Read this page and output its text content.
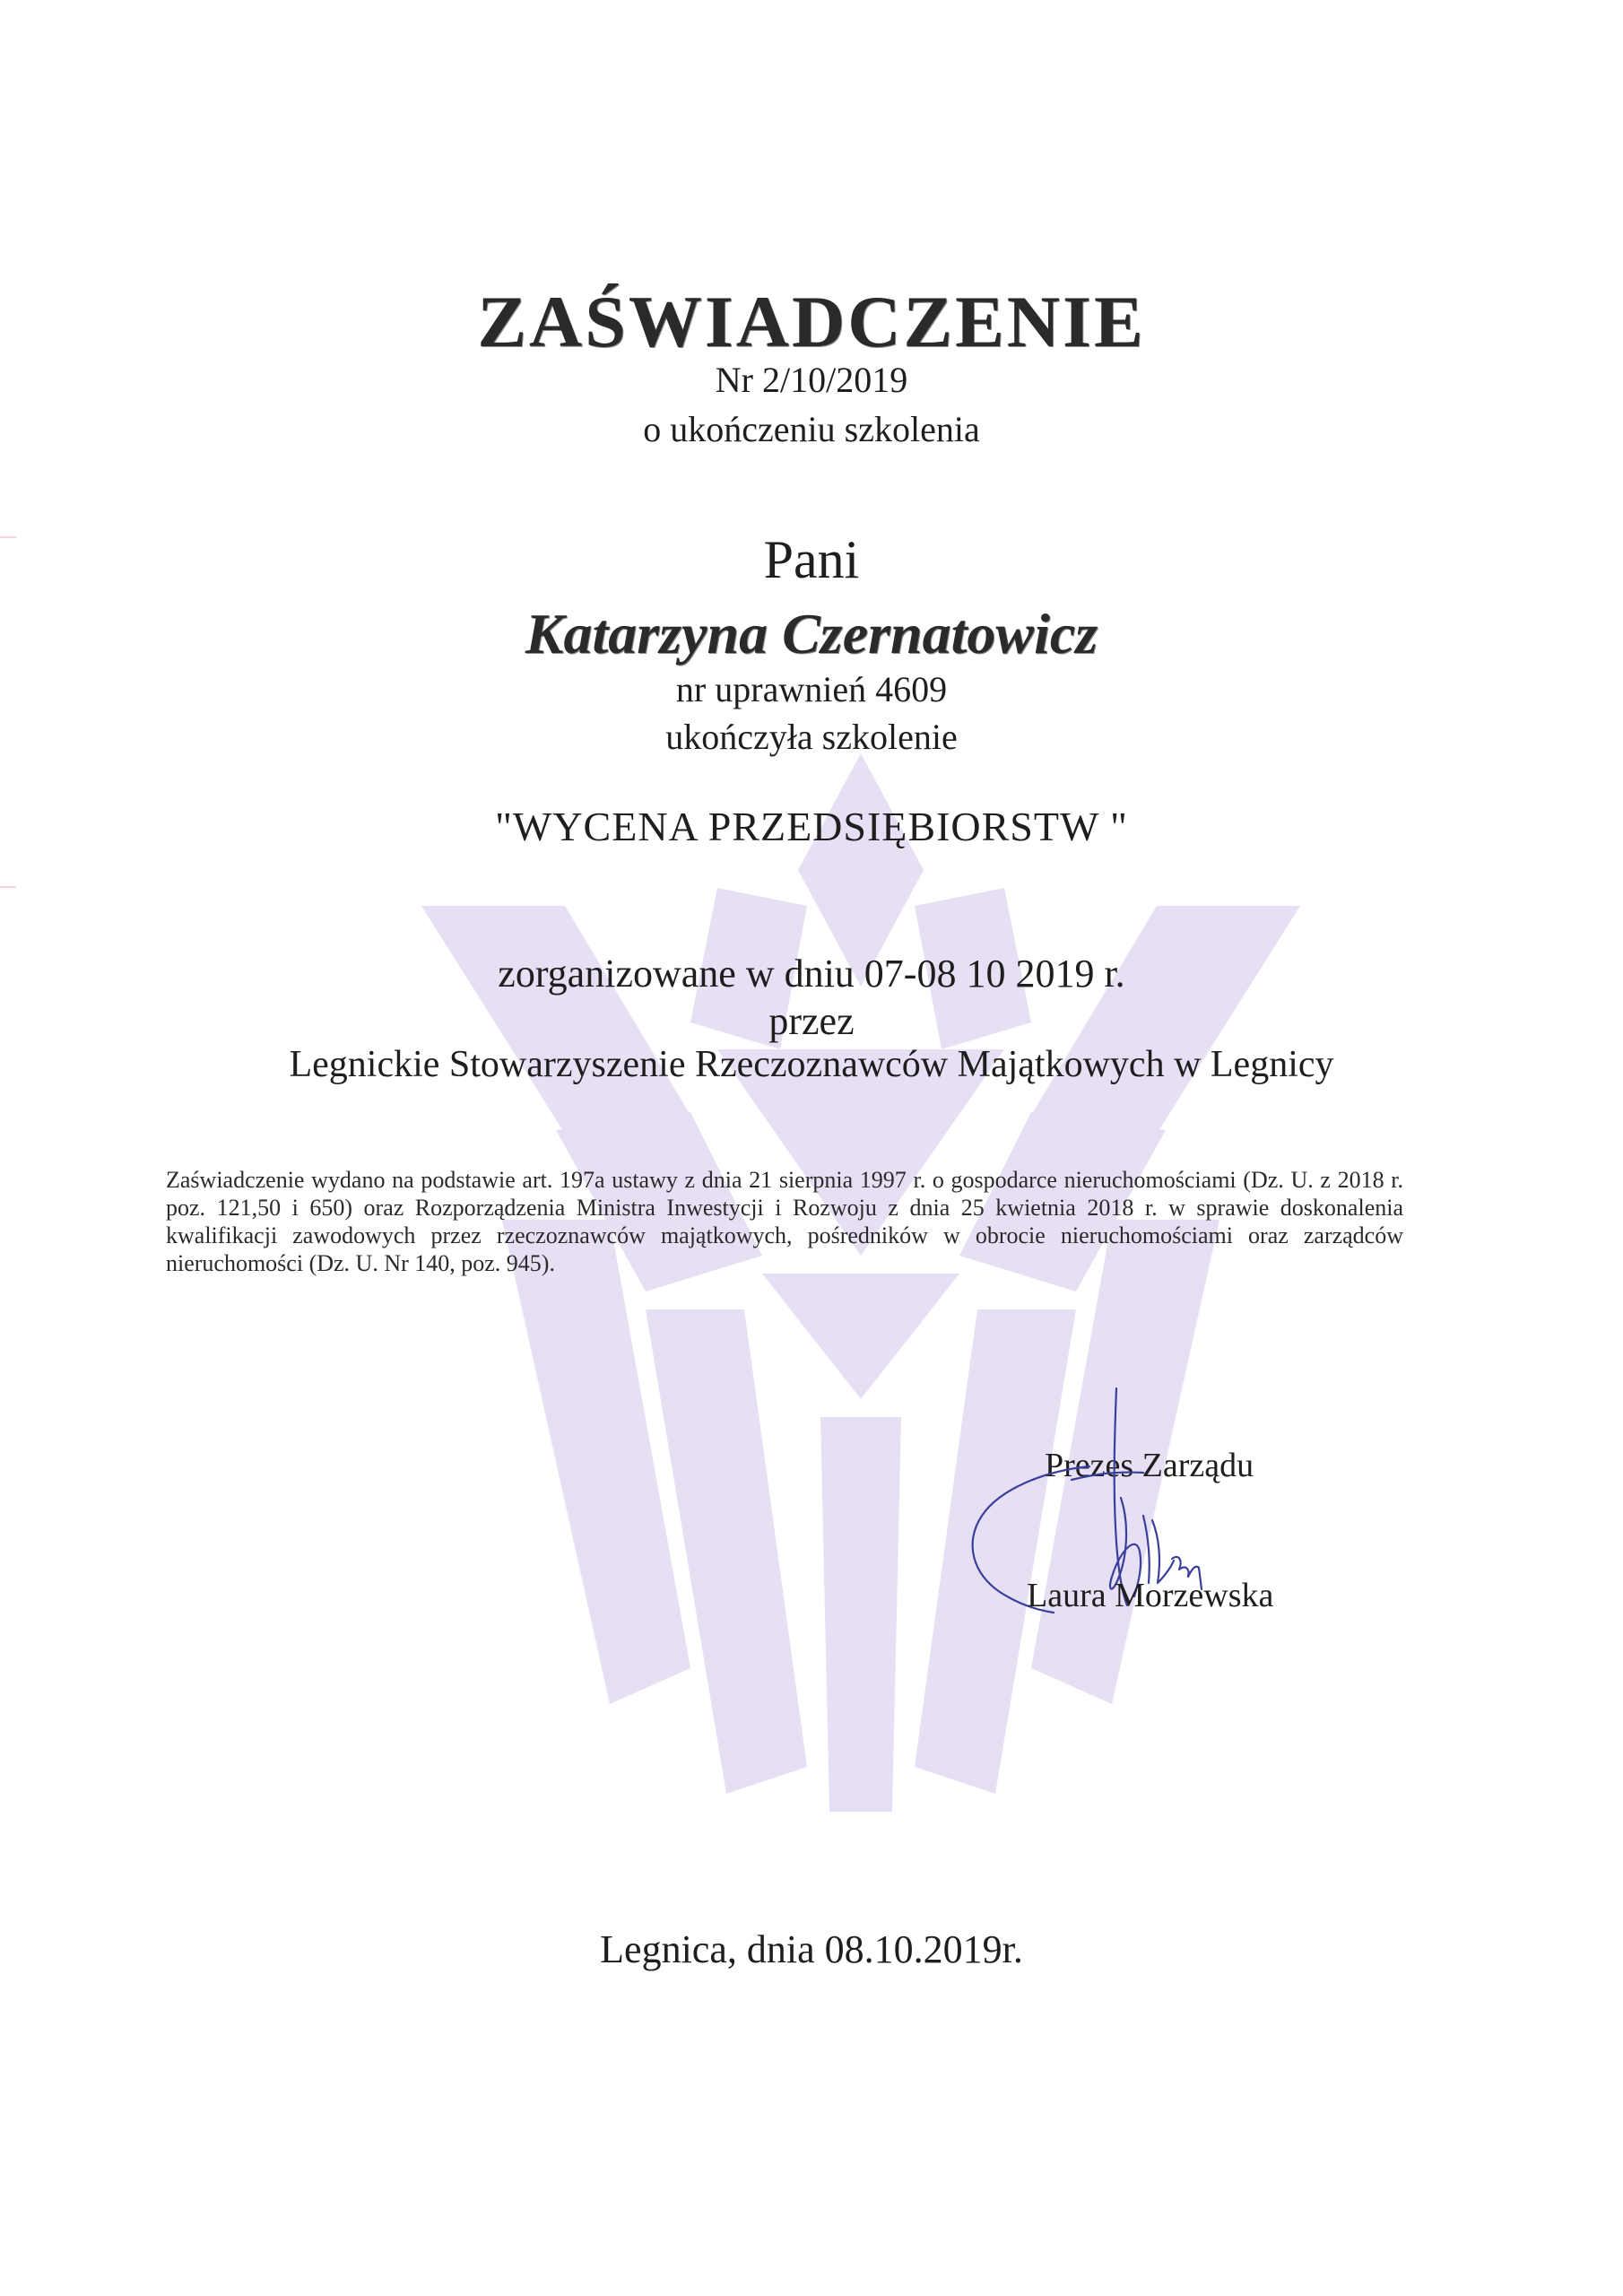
ZAŚWIADCZENIE
Nr 2/10/2019
o ukończeniu szkolenia
Pani
Katarzyna Czernatowicz
nr uprawnień 4609
ukończyła szkolenie
"WYCENA PRZEDSIĘBIORSTW "
zorganizowane w dniu 07-08 10 2019 r.
przez
Legnickie Stowarzyszenie Rzeczoznawców Majątkowych w Legnicy
Zaświadczenie wydano na podstawie art. 197a ustawy z dnia 21 sierpnia 1997 r. o gospodarce nieruchomościami (Dz. U. z 2018 r. poz. 121,50 i 650) oraz Rozporządzenia Ministra Inwestycji i Rozwoju z dnia 25 kwietnia 2018 r. w sprawie doskonalenia kwalifikacji zawodowych przez rzeczoznawców majątkowych, pośredników w obrocie nieruchomościami oraz zarządców nieruchomości (Dz. U. Nr 140, poz. 945).
Prezes Zarządu
Laura Morzewska
Legnica, dnia 08.10.2019r.
